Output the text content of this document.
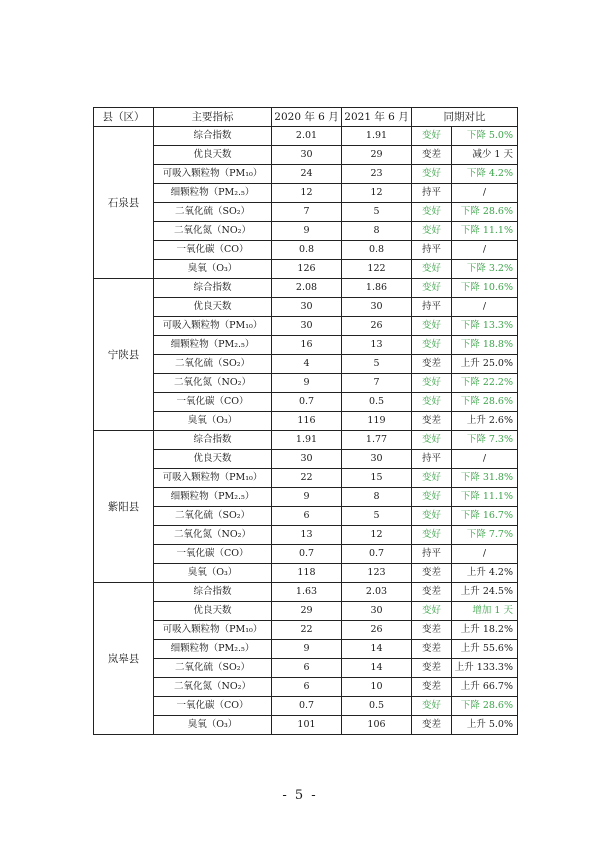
县（区）	主要指标	2020 年 6 月	2021 年 6 月	同期对比	
石泉县	综合指数	2.01	1.91	变好	下降 5.0%
	优良天数	30	29	变差	减少 1 天
	可吸入颗粒物（PM₁₀）	24	23	变好	下降 4.2%
	细颗粒物（PM₂.₅）	12	12	持平	/
	二氧化硫（SO₂）	7	5	变好	下降 28.6%
	二氧化氮（NO₂）	9	8	变好	下降 11.1%
	一氧化碳（CO）	0.8	0.8	持平	/
	臭氧（O₃）	126	122	变好	下降 3.2%
宁陕县	综合指数	2.08	1.86	变好	下降 10.6%
	优良天数	30	30	持平	/
	可吸入颗粒物（PM₁₀）	30	26	变好	下降 13.3%
	细颗粒物（PM₂.₅）	16	13	变好	下降 18.8%
	二氧化硫（SO₂）	4	5	变差	上升 25.0%
	二氧化氮（NO₂）	9	7	变好	下降 22.2%
	一氧化碳（CO）	0.7	0.5	变好	下降 28.6%
	臭氧（O₃）	116	119	变差	上升 2.6%
紫阳县	综合指数	1.91	1.77	变好	下降 7.3%
	优良天数	30	30	持平	/
	可吸入颗粒物（PM₁₀）	22	15	变好	下降 31.8%
	细颗粒物（PM₂.₅）	9	8	变好	下降 11.1%
	二氧化硫（SO₂）	6	5	变好	下降 16.7%
	二氧化氮（NO₂）	13	12	变好	下降 7.7%
	一氧化碳（CO）	0.7	0.7	持平	/
	臭氧（O₃）	118	123	变差	上升 4.2%
岚皋县	综合指数	1.63	2.03	变差	上升 24.5%
	优良天数	29	30	变好	增加 1 天
	可吸入颗粒物（PM₁₀）	22	26	变差	上升 18.2%
	细颗粒物（PM₂.₅）	9	14	变差	上升 55.6%
	二氧化硫（SO₂）	6	14	变差	上升 133.3%
	二氧化氮（NO₂）	6	10	变差	上升 66.7%
	一氧化碳（CO）	0.7	0.5	变好	下降 28.6%
	臭氧（O₃）	101	106	变差	上升 5.0%
- 5 -
